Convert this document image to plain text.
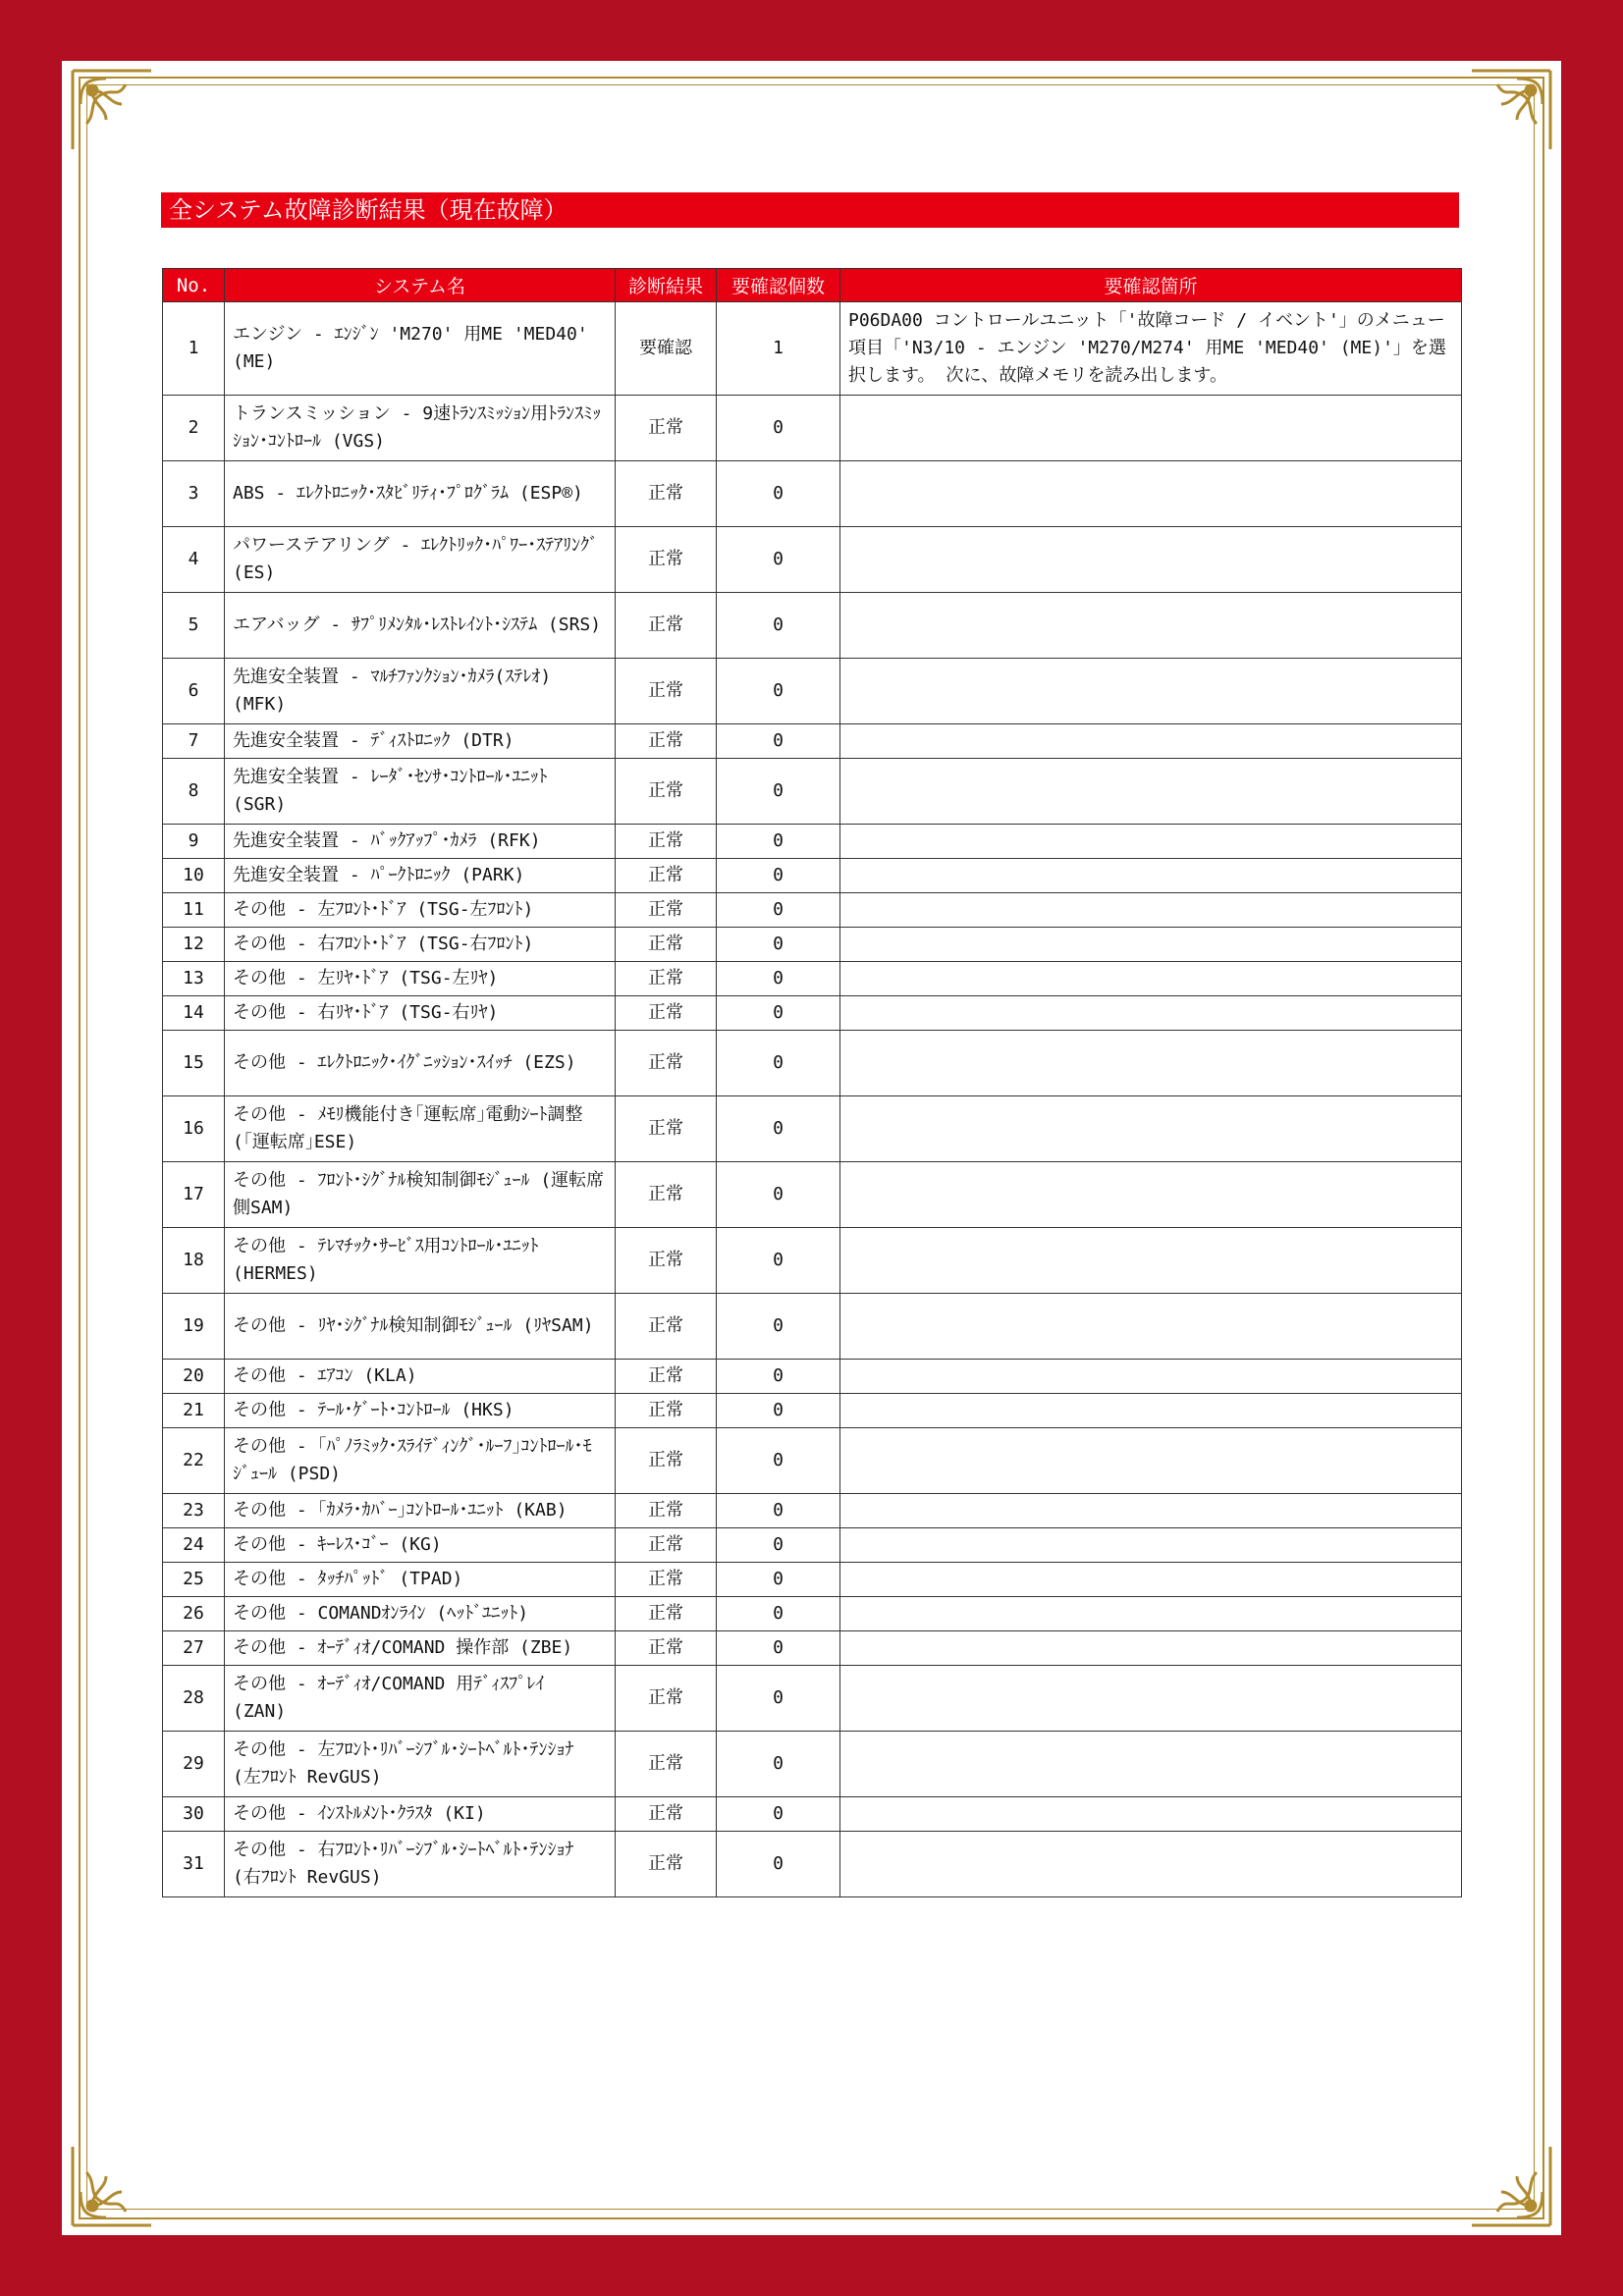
全システム故障診断結果（現在故障）
No.	システム名	診断結果	要確認個数	要確認箇所
1	エンジン - ｴﾝｼﾞﾝ 'M270' 用ME 'MED40' (ME)	要確認	1	P06DA00 コントロールユニット「'故障コード / イベント'」のメニュー項目「'N3/10 - エンジン 'M270/M274' 用ME 'MED40' (ME)'」を選択します。 次に、故障メモリを読み出します。
2	トランスミッション - 9速ﾄﾗﾝｽﾐｯｼｮﾝ用ﾄﾗﾝｽﾐｯｼｮﾝ･ｺﾝﾄﾛｰﾙ (VGS)	正常	0	
3	ABS - ｴﾚｸﾄﾛﾆｯｸ･ｽﾀﾋﾞﾘﾃｨ･ﾌﾟﾛｸﾞﾗﾑ (ESP®)	正常	0	
4	パワーステアリング - ｴﾚｸﾄﾘｯｸ･ﾊﾟﾜｰ･ｽﾃｱﾘﾝｸﾞ (ES)	正常	0	
5	エアバッグ - ｻﾌﾟﾘﾒﾝﾀﾙ･ﾚｽﾄﾚｲﾝﾄ･ｼｽﾃﾑ (SRS)	正常	0	
6	先進安全装置 - ﾏﾙﾁﾌｧﾝｸｼｮﾝ･ｶﾒﾗ(ｽﾃﾚｵ) (MFK)	正常	0	
7	先進安全装置 - ﾃﾞｨｽﾄﾛﾆｯｸ (DTR)	正常	0	
8	先進安全装置 - ﾚｰﾀﾞ･ｾﾝｻ･ｺﾝﾄﾛｰﾙ･ﾕﾆｯﾄ (SGR)	正常	0	
9	先進安全装置 - ﾊﾞｯｸｱｯﾌﾟ･ｶﾒﾗ (RFK)	正常	0	
10	先進安全装置 - ﾊﾟｰｸﾄﾛﾆｯｸ (PARK)	正常	0	
11	その他 - 左ﾌﾛﾝﾄ･ﾄﾞｱ (TSG-左ﾌﾛﾝﾄ)	正常	0	
12	その他 - 右ﾌﾛﾝﾄ･ﾄﾞｱ (TSG-右ﾌﾛﾝﾄ)	正常	0	
13	その他 - 左ﾘﾔ･ﾄﾞｱ (TSG-左ﾘﾔ)	正常	0	
14	その他 - 右ﾘﾔ･ﾄﾞｱ (TSG-右ﾘﾔ)	正常	0	
15	その他 - ｴﾚｸﾄﾛﾆｯｸ･ｲｸﾞﾆｯｼｮﾝ･ｽｲｯﾁ (EZS)	正常	0	
16	その他 - ﾒﾓﾘ機能付き｢運転席｣電動ｼｰﾄ調整 (｢運転席｣ESE)	正常	0	
17	その他 - ﾌﾛﾝﾄ･ｼｸﾞﾅﾙ検知制御ﾓｼﾞｭｰﾙ (運転席側SAM)	正常	0	
18	その他 - ﾃﾚﾏﾁｯｸ･ｻｰﾋﾞｽ用ｺﾝﾄﾛｰﾙ･ﾕﾆｯﾄ (HERMES)	正常	0	
19	その他 - ﾘﾔ･ｼｸﾞﾅﾙ検知制御ﾓｼﾞｭｰﾙ (ﾘﾔSAM)	正常	0	
20	その他 - ｴｱｺﾝ (KLA)	正常	0	
21	その他 - ﾃｰﾙ･ｹﾞｰﾄ･ｺﾝﾄﾛｰﾙ (HKS)	正常	0	
22	その他 - ｢ﾊﾟﾉﾗﾐｯｸ･ｽﾗｲﾃﾞｨﾝｸﾞ･ﾙｰﾌ｣ｺﾝﾄﾛｰﾙ･ﾓｼﾞｭｰﾙ (PSD)	正常	0	
23	その他 - ｢ｶﾒﾗ･ｶﾊﾞｰ｣ｺﾝﾄﾛｰﾙ･ﾕﾆｯﾄ (KAB)	正常	0	
24	その他 - ｷｰﾚｽ･ｺﾞｰ (KG)	正常	0	
25	その他 - ﾀｯﾁﾊﾟｯﾄﾞ (TPAD)	正常	0	
26	その他 - COMANDｵﾝﾗｲﾝ (ﾍｯﾄﾞﾕﾆｯﾄ)	正常	0	
27	その他 - ｵｰﾃﾞｨｵ/COMAND 操作部 (ZBE)	正常	0	
28	その他 - ｵｰﾃﾞｨｵ/COMAND 用ﾃﾞｨｽﾌﾟﾚｲ (ZAN)	正常	0	
29	その他 - 左ﾌﾛﾝﾄ･ﾘﾊﾞｰｼﾌﾞﾙ･ｼｰﾄﾍﾞﾙﾄ･ﾃﾝｼｮﾅ (左ﾌﾛﾝﾄ RevGUS)	正常	0	
30	その他 - ｲﾝｽﾄﾙﾒﾝﾄ･ｸﾗｽﾀ (KI)	正常	0	
31	その他 - 右ﾌﾛﾝﾄ･ﾘﾊﾞｰｼﾌﾞﾙ･ｼｰﾄﾍﾞﾙﾄ･ﾃﾝｼｮﾅ (右ﾌﾛﾝﾄ RevGUS)	正常	0	
